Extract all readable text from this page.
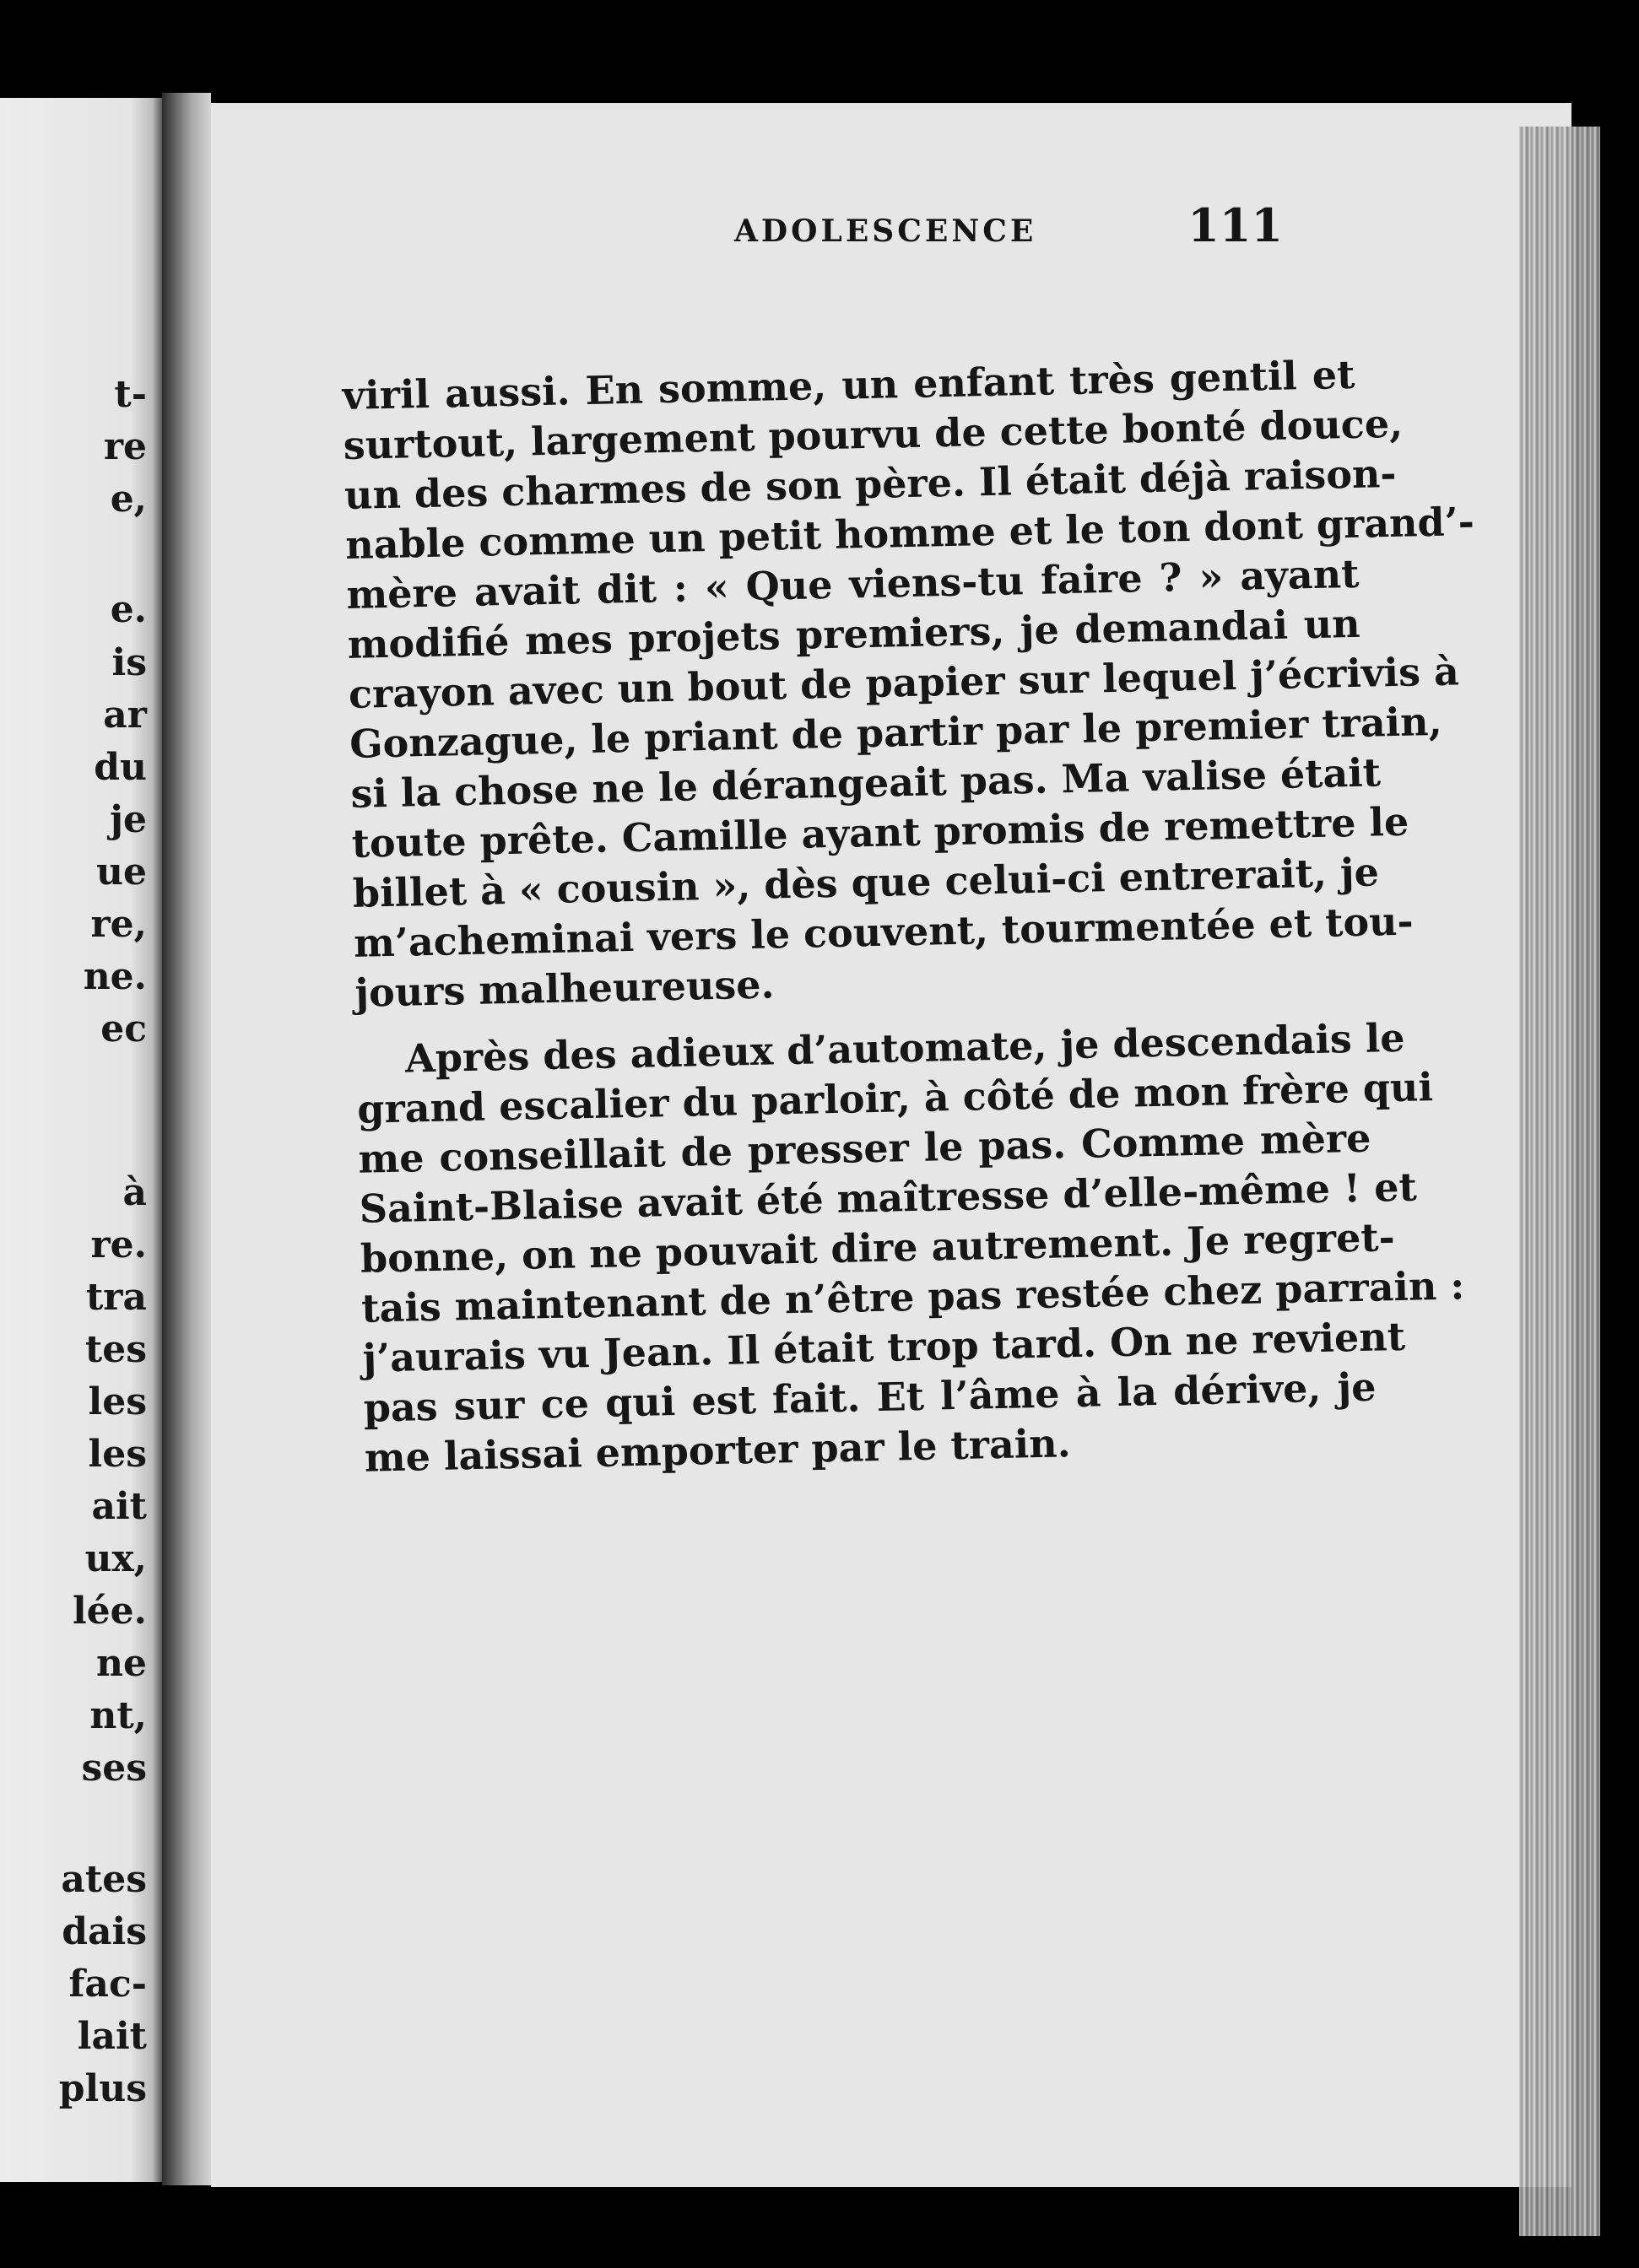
t-
re
e,
e.
is
ar
du
je
ue
re,
ne.
ec
à
re.
tra
tes
les
les
ait
ux,
lée.
ne
nt,
ses
ates
dais
fac-
lait
plus
ADOLESCENCE	111
viril aussi. En somme, un enfant très gentil et
surtout, largement pourvu de cette bonté douce,
un des charmes de son père. Il était déjà raison-
nable comme un petit homme et le ton dont grand’-
mère avait dit : « Que viens-tu faire ? » ayant
modifié mes projets premiers, je demandai un
crayon avec un bout de papier sur lequel j’écrivis à
Gonzague, le priant de partir par le premier train,
si la chose ne le dérangeait pas. Ma valise était
toute prête. Camille ayant promis de remettre le
billet à « cousin », dès que celui-ci entrerait, je
m’acheminai vers le couvent, tourmentée et tou-
jours malheureuse.
Après des adieux d’automate, je descendais le
grand escalier du parloir, à côté de mon frère qui
me conseillait de presser le pas. Comme mère
Saint-Blaise avait été maîtresse d’elle-même ! et
bonne, on ne pouvait dire autrement. Je regret-
tais maintenant de n’être pas restée chez parrain :
j’aurais vu Jean. Il était trop tard. On ne revient
pas sur ce qui est fait. Et l’âme à la dérive, je
me laissai emporter par le train.
